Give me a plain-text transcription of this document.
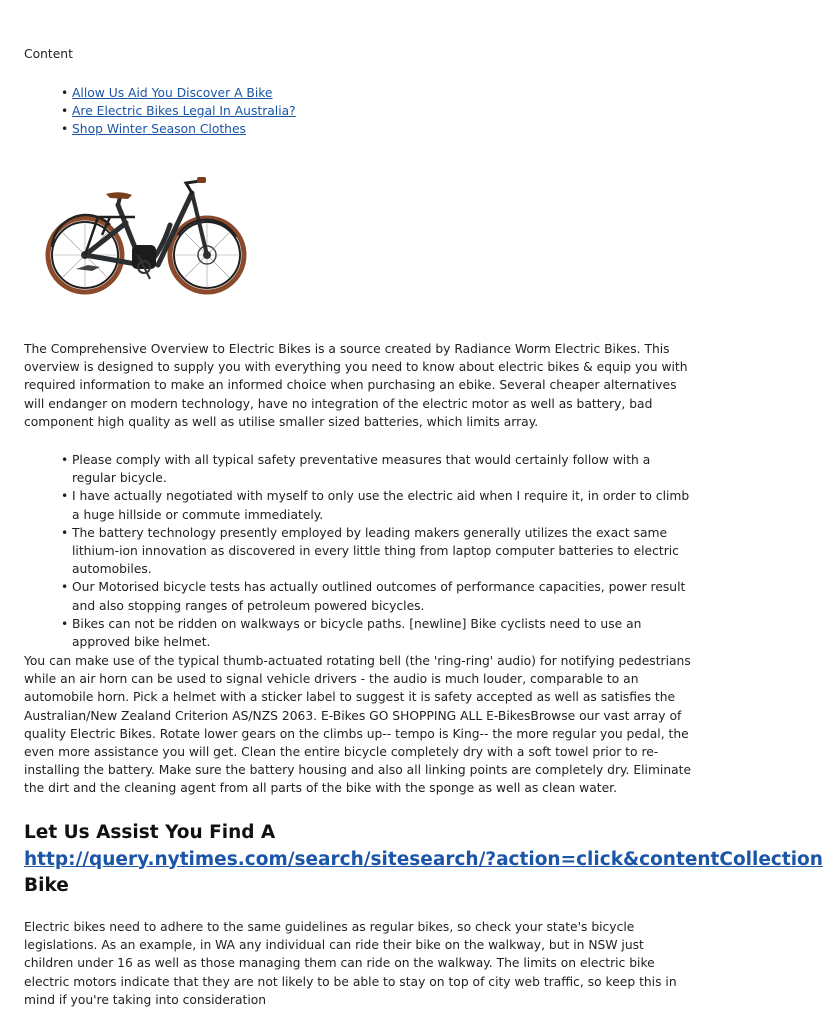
Content
• Allow Us Aid You Discover A Bike
• Are Electric Bikes Legal In Australia?
• Shop Winter Season Clothes

The Comprehensive Overview to Electric Bikes is a source created by Radiance Worm Electric Bikes. This overview is designed to supply you with everything you need to know about electric bikes & equip you with required information to make an informed choice when purchasing an ebike. Several cheaper alternatives will endanger on modern technology, have no integration of the electric motor as well as battery, bad component high quality as well as utilise smaller sized batteries, which limits array.

• Please comply with all typical safety preventative measures that would certainly follow with a regular bicycle.
• I have actually negotiated with myself to only use the electric aid when I require it, in order to climb a huge hillside or commute immediately.
• The battery technology presently employed by leading makers generally utilizes the exact same lithium-ion innovation as discovered in every little thing from laptop computer batteries to electric automobiles.
• Our Motorised bicycle tests has actually outlined outcomes of performance capacities, power result and also stopping ranges of petroleum powered bicycles.
• Bikes can not be ridden on walkways or bicycle paths. [newline] Bike cyclists need to use an approved bike helmet.

You can make use of the typical thumb-actuated rotating bell (the 'ring-ring' audio) for notifying pedestrians while an air horn can be used to signal vehicle drivers - the audio is much louder, comparable to an automobile horn. Pick a helmet with a sticker label to suggest it is safety accepted as well as satisfies the Australian/New Zealand Criterion AS/NZS 2063. E-Bikes GO SHOPPING ALL E-BikesBrowse our vast array of quality Electric Bikes. Rotate lower gears on the climbs up-- tempo is King-- the more regular you pedal, the even more assistance you will get. Clean the entire bicycle completely dry with a soft towel prior to re-installing the battery. Make sure the battery housing and also all linking points are completely dry. Eliminate the dirt and the cleaning agent from all parts of the bike with the sponge as well as clean water.

Let Us Assist You Find A
http://query.nytimes.com/search/sitesearch/?action=click&contentCollection
Bike

Electric bikes need to adhere to the same guidelines as regular bikes, so check your state's bicycle legislations. As an example, in WA any individual can ride their bike on the walkway, but in NSW just children under 16 as well as those managing them can ride on the walkway. The limits on electric bike electric motors indicate that they are not likely to be able to stay on top of city web traffic, so keep this in mind if you're taking into consideration
